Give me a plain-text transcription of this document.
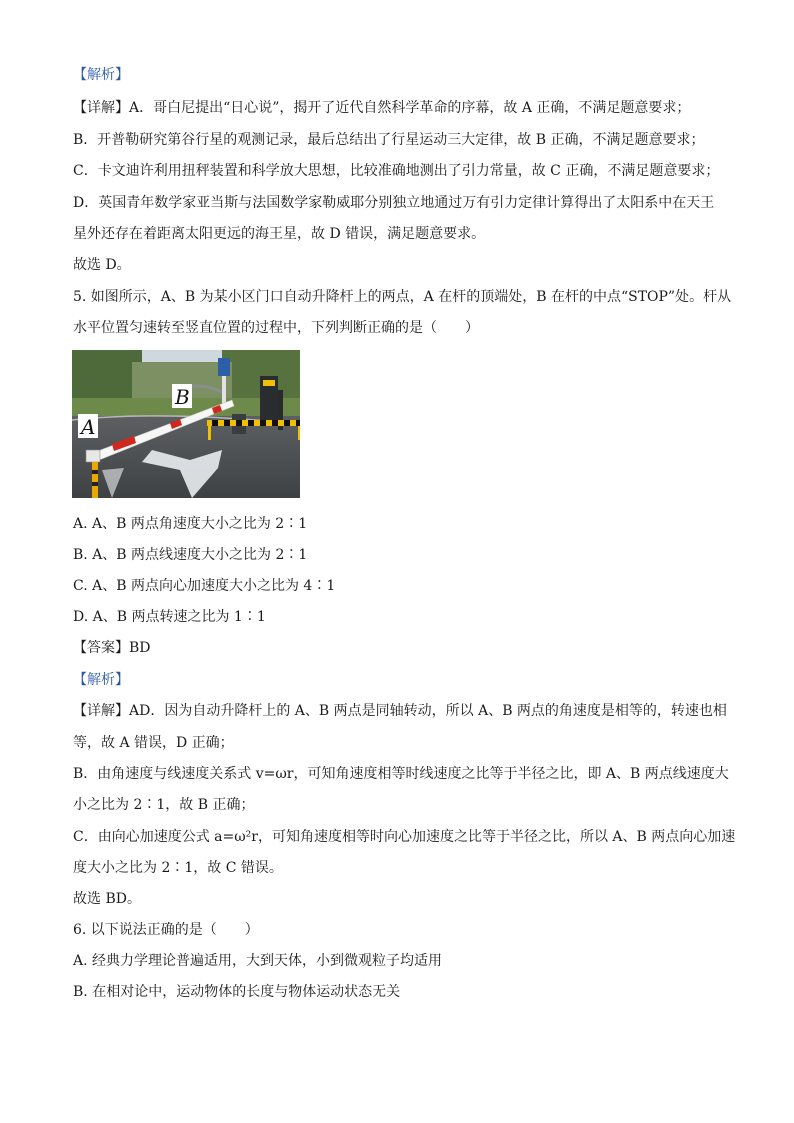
【解析】
【详解】A．哥白尼提出“日心说”，揭开了近代自然科学革命的序幕，故 A 正确，不满足题意要求；
B．开普勒研究第谷行星的观测记录，最后总结出了行星运动三大定律，故 B 正确，不满足题意要求；
C．卡文迪许利用扭秤装置和科学放大思想，比较准确地测出了引力常量，故 C 正确，不满足题意要求；
D．英国青年数学家亚当斯与法国数学家勒威耶分别独立地通过万有引力定律计算得出了太阳系中在天王
星外还存在着距离太阳更远的海王星，故 D 错误，满足题意要求。
故选 D。
5. 如图所示，A、B 为某小区门口自动升降杆上的两点，A 在杆的顶端处，B 在杆的中点“STOP”处。杆从
水平位置匀速转至竖直位置的过程中，下列判断正确的是（　　）
B
A
A. A、B 两点角速度大小之比为 2∶1
B. A、B 两点线速度大小之比为 2∶1
C. A、B 两点向心加速度大小之比为 4∶1
D. A、B 两点转速之比为 1∶1
【答案】BD
【解析】
【详解】AD．因为自动升降杆上的 A、B 两点是同轴转动，所以 A、B 两点的角速度是相等的，转速也相
等，故 A 错误，D 正确；
B．由角速度与线速度关系式 v=ωr，可知角速度相等时线速度之比等于半径之比，即 A、B 两点线速度大
小之比为 2∶1，故 B 正确；
C．由向心加速度公式 a=ω²r，可知角速度相等时向心加速度之比等于半径之比，所以 A、B 两点向心加速
度大小之比为 2∶1，故 C 错误。
故选 BD。
6. 以下说法正确的是（　　）
A. 经典力学理论普遍适用，大到天体，小到微观粒子均适用
B. 在相对论中，运动物体的长度与物体运动状态无关
